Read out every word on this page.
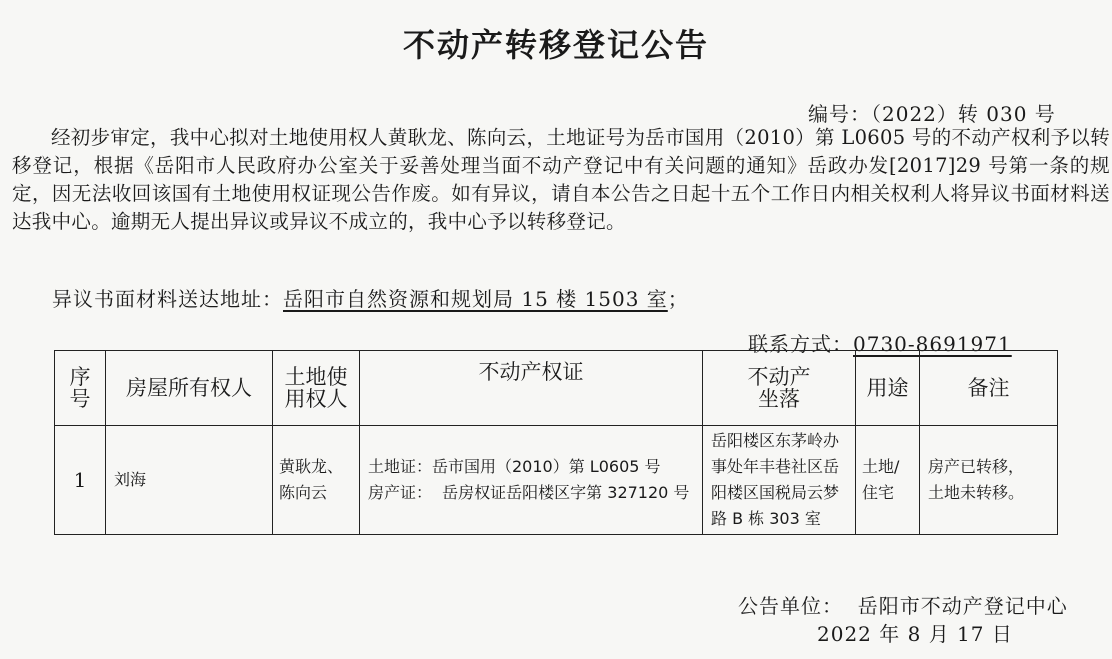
不动产转移登记公告
编号：（2022）转 030 号
经初步审定，我中心拟对土地使用权人黄耿龙、陈向云，土地证号为岳市国用（2010）第 L0605 号的不动产权利予以转移登记，根据《岳阳市人民政府办公室关于妥善处理当面不动产登记中有关问题的通知》岳政办发[2017]29 号第一条的规定，因无法收回该国有土地使用权证现公告作废。如有异议，请自本公告之日起十五个工作日内相关权利人将异议书面材料送达我中心。逾期无人提出异议或异议不成立的，我中心予以转移登记。
异议书面材料送达地址：岳阳市自然资源和规划局 15 楼 1503 室；
联系方式：0730-8691971
序号	房屋所有权人	土地使用权人	不动产权证	不动产坐落	用途	备注
1	刘海	黄耿龙、陈向云	土地证：岳市国用（2010）第 L0605 号
房产证：  岳房权证岳阳楼区字第 327120 号	岳阳楼区东茅岭办事处年丰巷社区岳阳楼区国税局云梦路 B 栋 303 室	土地/住宅	房产已转移，土地未转移。
公告单位：  岳阳市不动产登记中心
2022 年 8 月 17 日
